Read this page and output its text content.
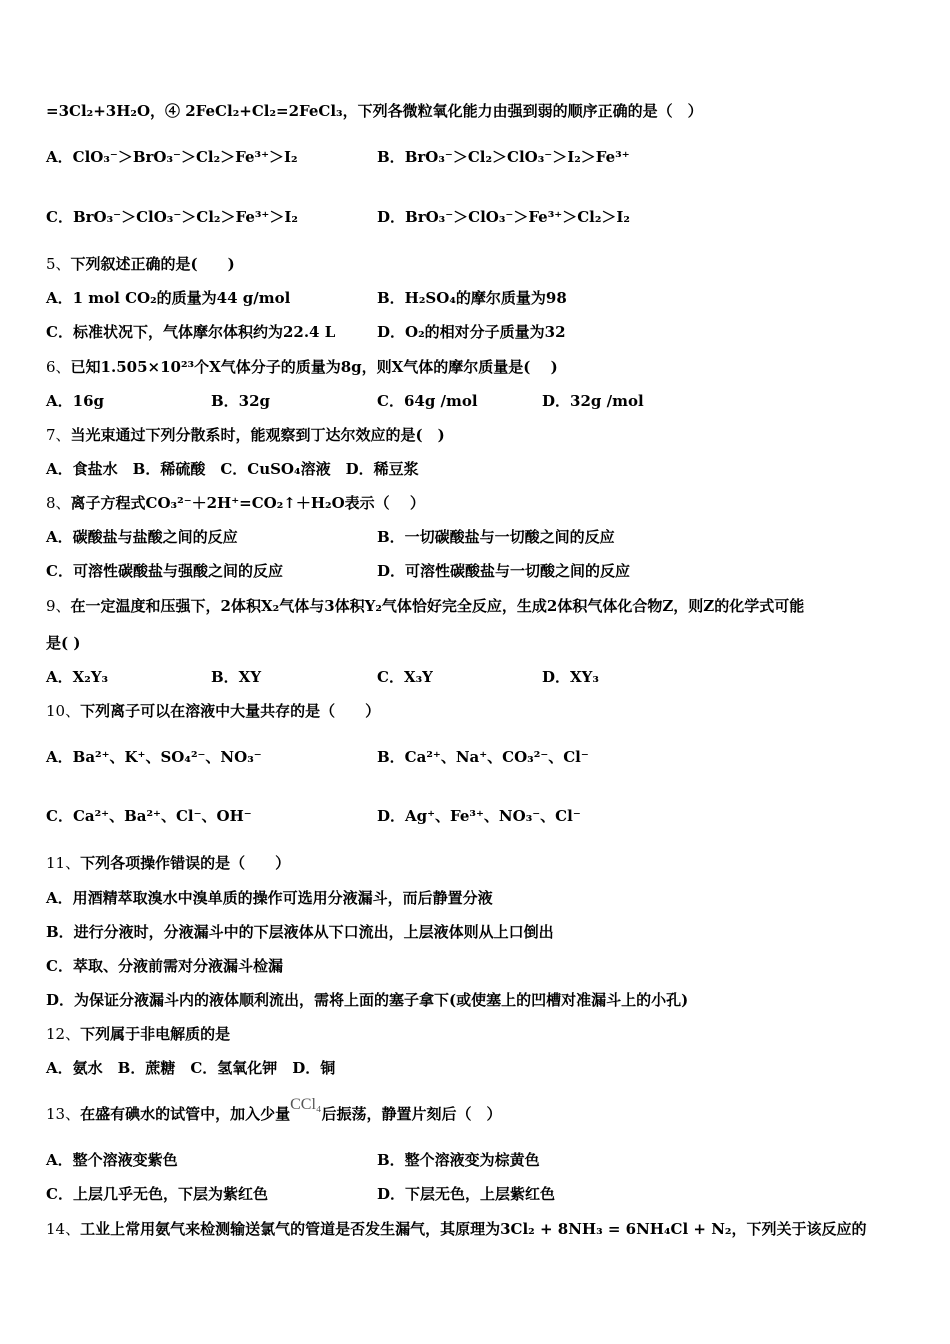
=3Cl₂+3H₂O，④ 2FeCl₂+Cl₂=2FeCl₃，下列各微粒氧化能力由强到弱的顺序正确的是（　）
A．ClO₃⁻＞BrO₃⁻＞Cl₂＞Fe³⁺＞I₂	B．BrO₃⁻＞Cl₂＞ClO₃⁻＞I₂＞Fe³⁺
C．BrO₃⁻＞ClO₃⁻＞Cl₂＞Fe³⁺＞I₂	D．BrO₃⁻＞ClO₃⁻＞Fe³⁺＞Cl₂＞I₂
5、下列叙述正确的是(　　)
A．1 mol CO₂的质量为44 g/mol	B．H₂SO₄的摩尔质量为98
C．标准状况下，气体摩尔体积约为22.4 L	D．O₂的相对分子质量为32
6、已知1.505×10²³个X气体分子的质量为8g，则X气体的摩尔质量是(　 )
A．16g	B．32g	C．64g /mol	D．32g /mol
7、当光束通过下列分散系时，能观察到丁达尔效应的是(　)
A．食盐水　B．稀硫酸　C．CuSO₄溶液　D．稀豆浆
8、离子方程式CO₃²⁻＋2H⁺=CO₂↑＋H₂O表示（　 ）
A．碳酸盐与盐酸之间的反应	B．一切碳酸盐与一切酸之间的反应
C．可溶性碳酸盐与强酸之间的反应	D．可溶性碳酸盐与一切酸之间的反应
9、在一定温度和压强下，2体积X₂气体与3体积Y₂气体恰好完全反应，生成2体积气体化合物Z，则Z的化学式可能
是( )
A．X₂Y₃	B．XY	C．X₃Y	D．XY₃
10、下列离子可以在溶液中大量共存的是（　　）
A．Ba²⁺、K⁺、SO₄²⁻、NO₃⁻	B．Ca²⁺、Na⁺、CO₃²⁻、Cl⁻
C．Ca²⁺、Ba²⁺、Cl⁻、OH⁻	D．Ag⁺、Fe³⁺、NO₃⁻、Cl⁻
11、下列各项操作错误的是（　　）
A．用酒精萃取溴水中溴单质的操作可选用分液漏斗，而后静置分液
B．进行分液时，分液漏斗中的下层液体从下口流出，上层液体则从上口倒出
C．萃取、分液前需对分液漏斗检漏
D．为保证分液漏斗内的液体顺利流出，需将上面的塞子拿下(或使塞上的凹槽对准漏斗上的小孔)
12、下列属于非电解质的是
A．氨水　B．蔗糖　C．氢氧化钾　D．铜
13、在盛有碘水的试管中，加入少量CCl₄后振荡，静置片刻后（　）
A．整个溶液变紫色	B．整个溶液变为棕黄色
C．上层几乎无色，下层为紫红色	D．下层无色，上层紫红色
14、工业上常用氨气来检测输送氯气的管道是否发生漏气，其原理为3Cl₂ + 8NH₃ = 6NH₄Cl + N₂，下列关于该反应的
